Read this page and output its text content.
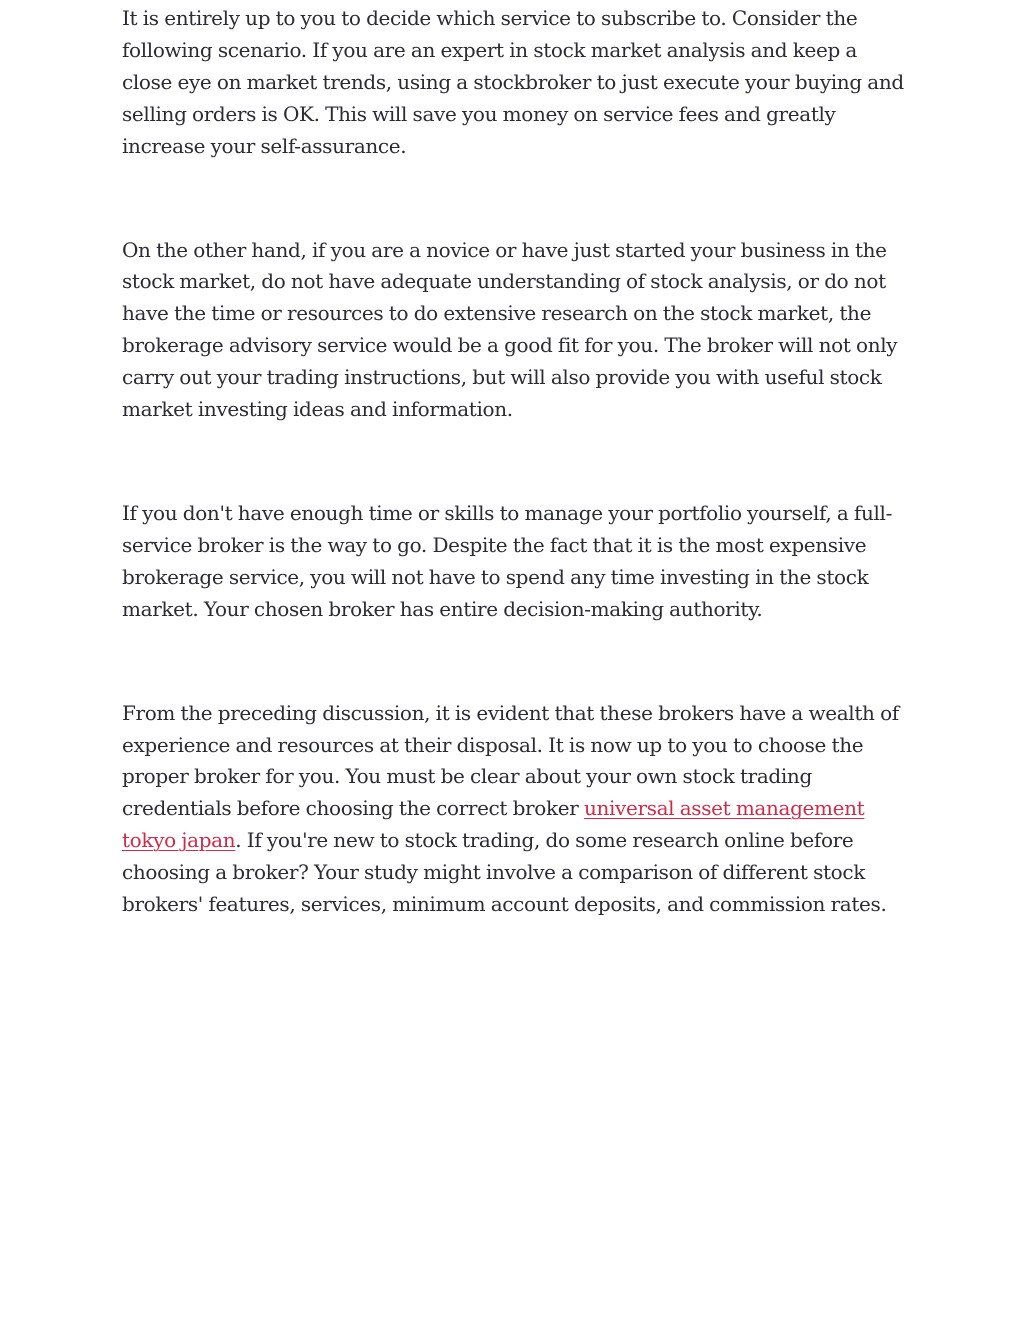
It is entirely up to you to decide which service to subscribe to. Consider the following scenario. If you are an expert in stock market analysis and keep a close eye on market trends, using a stockbroker to just execute your buying and selling orders is OK. This will save you money on service fees and greatly increase your self-assurance.

On the other hand, if you are a novice or have just started your business in the stock market, do not have adequate understanding of stock analysis, or do not have the time or resources to do extensive research on the stock market, the brokerage advisory service would be a good fit for you. The broker will not only carry out your trading instructions, but will also provide you with useful stock market investing ideas and information.

If you don't have enough time or skills to manage your portfolio yourself, a full-service broker is the way to go. Despite the fact that it is the most expensive brokerage service, you will not have to spend any time investing in the stock market. Your chosen broker has entire decision-making authority.

From the preceding discussion, it is evident that these brokers have a wealth of experience and resources at their disposal. It is now up to you to choose the proper broker for you. You must be clear about your own stock trading credentials before choosing the correct broker universal asset management tokyo japan. If you're new to stock trading, do some research online before choosing a broker? Your study might involve a comparison of different stock brokers' features, services, minimum account deposits, and commission rates.
